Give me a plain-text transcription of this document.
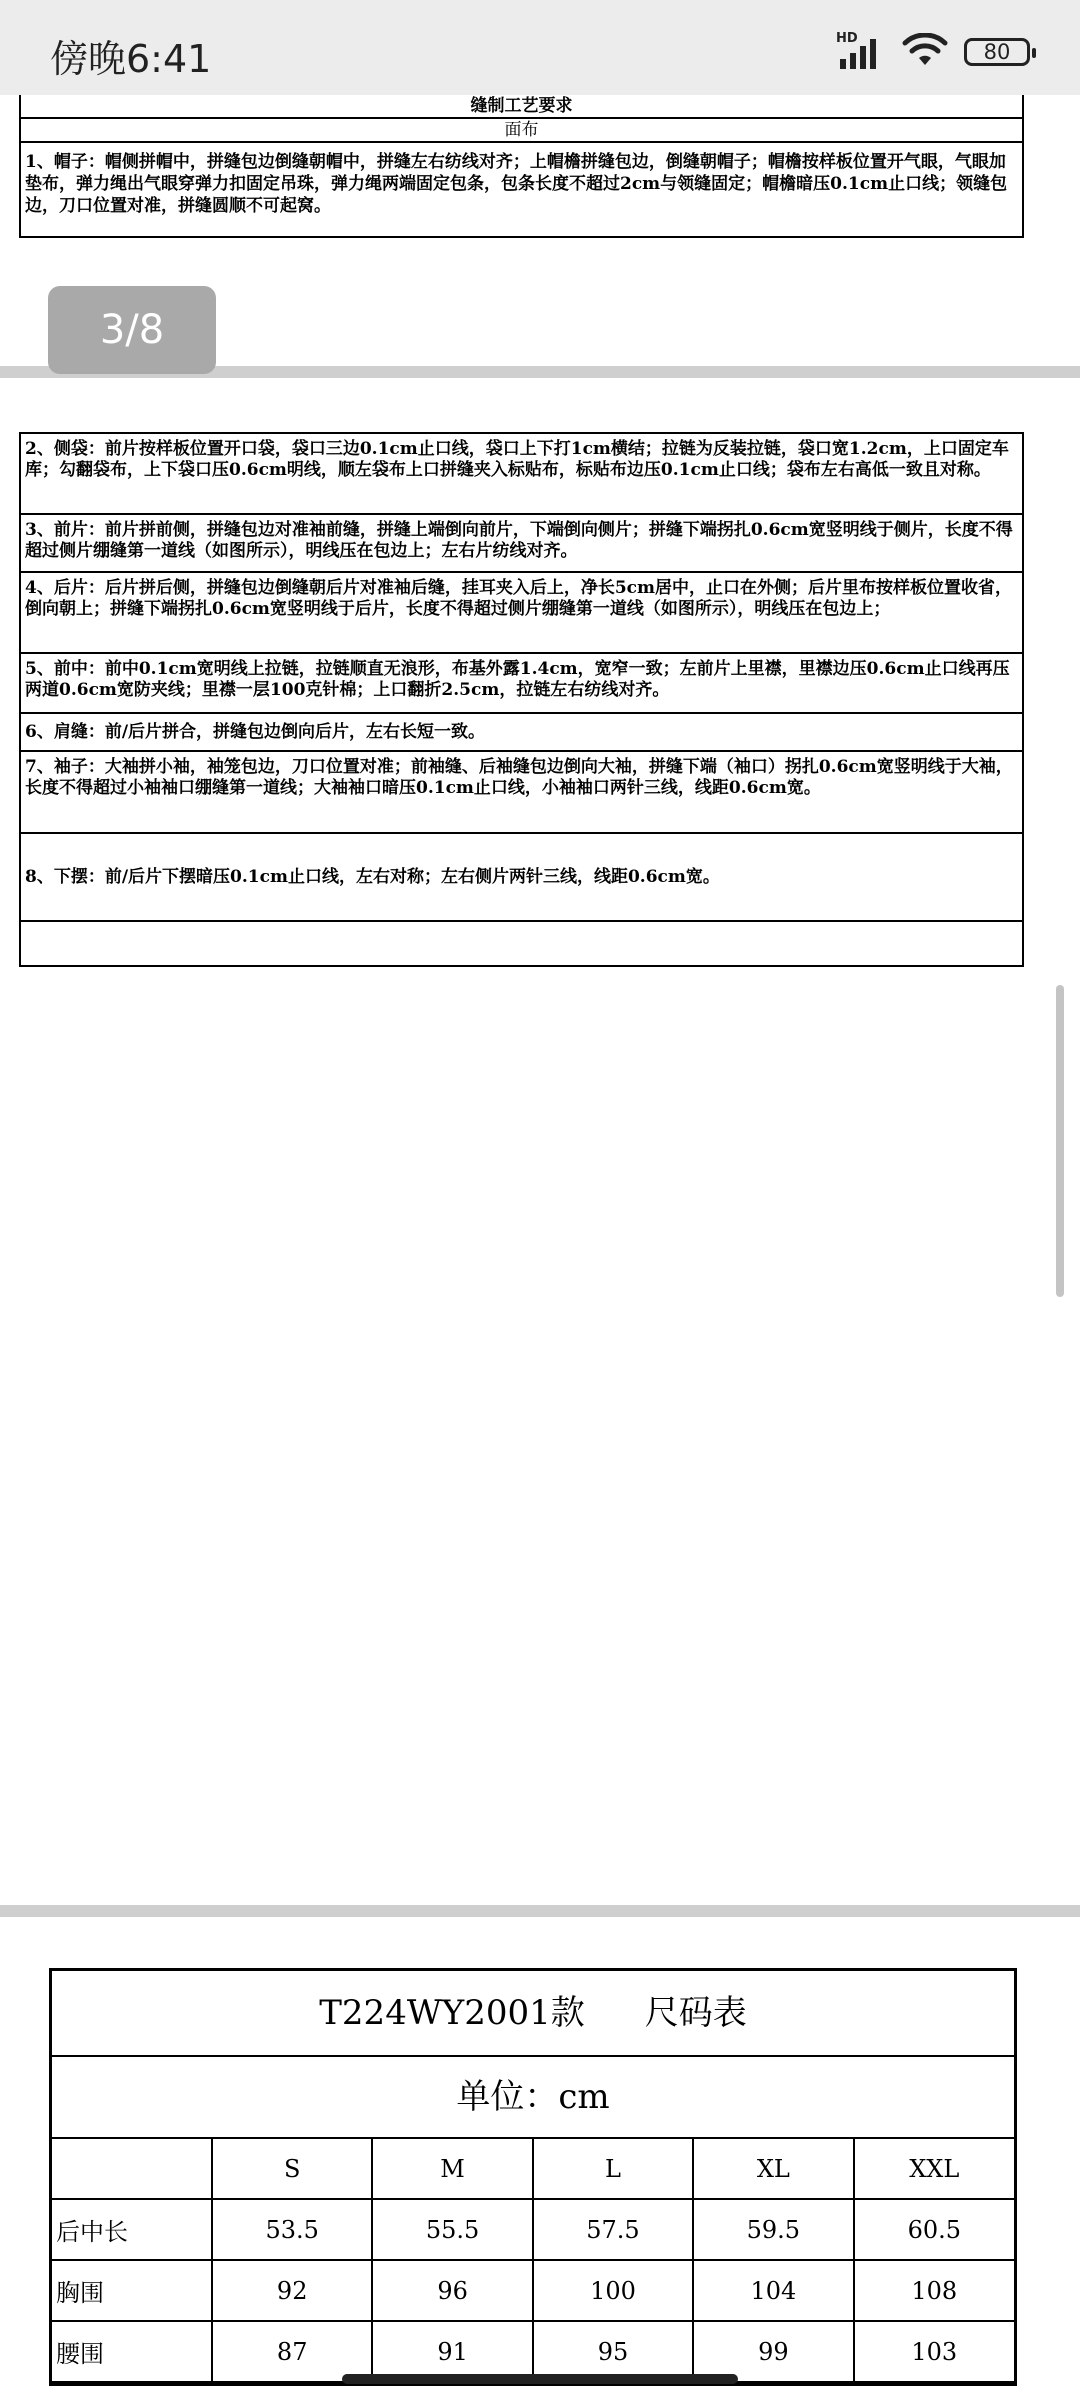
傍晚6:41	HD
80
缝制工艺要求
面布
1、帽子：帽侧拼帽中，拼缝包边倒缝朝帽中，拼缝左右纺线对齐；上帽檐拼缝包边，倒缝朝帽子；帽檐按样板位置开气眼，气眼加垫布，弹力绳出气眼穿弹力扣固定吊珠，弹力绳两端固定包条，包条长度不超过2cm与领缝固定；帽檐暗压0.1cm止口线；领缝包边，刀口位置对准，拼缝圆顺不可起窝。
3/8
2、侧袋：前片按样板位置开口袋，袋口三边0.1cm止口线，袋口上下打1cm横结；拉链为反装拉链，袋口宽1.2cm，上口固定车库；勾翻袋布，上下袋口压0.6cm明线，顺左袋布上口拼缝夹入标贴布，标贴布边压0.1cm止口线；袋布左右高低一致且对称。
3、前片：前片拼前侧，拼缝包边对准袖前缝，拼缝上端倒向前片，下端倒向侧片；拼缝下端拐扎0.6cm宽竖明线于侧片，长度不得超过侧片绷缝第一道线（如图所示），明线压在包边上；左右片纺线对齐。
4、后片：后片拼后侧，拼缝包边倒缝朝后片对准袖后缝，挂耳夹入后上，净长5cm居中，止口在外侧；后片里布按样板位置收省，倒向朝上；拼缝下端拐扎0.6cm宽竖明线于后片，长度不得超过侧片绷缝第一道线（如图所示），明线压在包边上；
5、前中：前中0.1cm宽明线上拉链，拉链顺直无浪形，布基外露1.4cm，宽窄一致；左前片上里襟，里襟边压0.6cm止口线再压两道0.6cm宽防夹线；里襟一层100克针棉；上口翻折2.5cm，拉链左右纺线对齐。
6、肩缝：前/后片拼合，拼缝包边倒向后片，左右长短一致。
7、袖子：大袖拼小袖，袖笼包边，刀口位置对准；前袖缝、后袖缝包边倒向大袖，拼缝下端（袖口）拐扎0.6cm宽竖明线于大袖，长度不得超过小袖袖口绷缝第一道线；大袖袖口暗压0.1cm止口线，小袖袖口两针三线，线距0.6cm宽。
8、下摆：前/后片下摆暗压0.1cm止口线，左右对称；左右侧片两针三线，线距0.6cm宽。
T224WY2001款 尺码表
单位：cm
	S	M	L	XL	XXL
后中长	53.5	55.5	57.5	59.5	60.5
胸围	92	96	100	104	108
腰围	87	91	95	99	103
